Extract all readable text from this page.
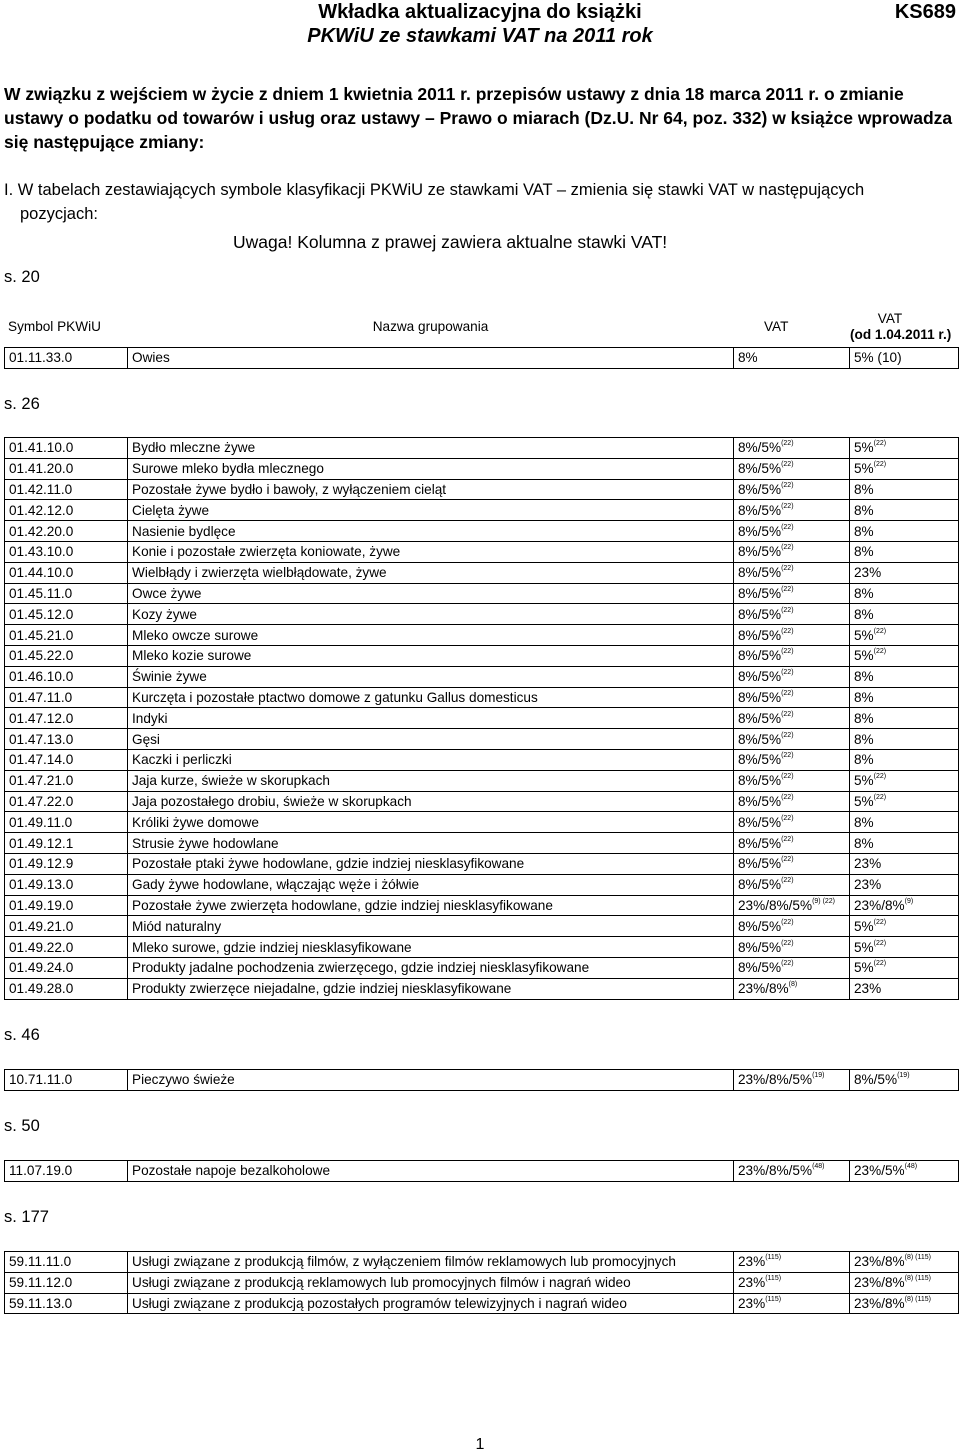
Wkładka aktualizacyjna do książki
PKWiU ze stawkami VAT na 2011 rok
KS689
W związku z wejściem w życie z dniem 1 kwietnia 2011 r. przepisów ustawy z dnia 18 marca 2011 r. o zmianie ustawy o podatku od towarów i usług oraz ustawy – Prawo o miarach (Dz.U. Nr 64, poz. 332) w książce wprowadza się następujące zmiany:
I. W tabelach zestawiających symbole klasyfikacji PKWiU ze stawkami VAT – zmienia się stawki VAT w następujących
pozycjach:
Uwaga! Kolumna z prawej zawiera aktualne stawki VAT!
s. 20
Symbol PKWiU	Nazwa grupowania	VAT	
VAT
(od 1.04.2011 r.)
01.11.33.0	Owies	8%	5% (10)
s. 26
01.41.10.0	Bydło mleczne żywe	8%/5%$^{(22)}$	5%$^{(22)}$
01.41.20.0	Surowe mleko bydła mlecznego	8%/5%$^{(22)}$	5%$^{(22)}$
01.42.11.0	Pozostałe żywe bydło i bawoły, z wyłączeniem cieląt	8%/5%$^{(22)}$	8%
01.42.12.0	Cielęta żywe	8%/5%$^{(22)}$	8%
01.42.20.0	Nasienie bydlęce	8%/5%$^{(22)}$	8%
01.43.10.0	Konie i pozostałe zwierzęta koniowate, żywe	8%/5%$^{(22)}$	8%
01.44.10.0	Wielbłądy i zwierzęta wielbłądowate, żywe	8%/5%$^{(22)}$	23%
01.45.11.0	Owce żywe	8%/5%$^{(22)}$	8%
01.45.12.0	Kozy żywe	8%/5%$^{(22)}$	8%
01.45.21.0	Mleko owcze surowe	8%/5%$^{(22)}$	5%$^{(22)}$
01.45.22.0	Mleko kozie surowe	8%/5%$^{(22)}$	5%$^{(22)}$
01.46.10.0	Świnie żywe	8%/5%$^{(22)}$	8%
01.47.11.0	Kurczęta i pozostałe ptactwo domowe z gatunku Gallus domesticus	8%/5%$^{(22)}$	8%
01.47.12.0	Indyki	8%/5%$^{(22)}$	8%
01.47.13.0	Gęsi	8%/5%$^{(22)}$	8%
01.47.14.0	Kaczki i perliczki	8%/5%$^{(22)}$	8%
01.47.21.0	Jaja kurze, świeże w skorupkach	8%/5%$^{(22)}$	5%$^{(22)}$
01.47.22.0	Jaja pozostałego drobiu, świeże w skorupkach	8%/5%$^{(22)}$	5%$^{(22)}$
01.49.11.0	Króliki żywe domowe	8%/5%$^{(22)}$	8%
01.49.12.1	Strusie żywe hodowlane	8%/5%$^{(22)}$	8%
01.49.12.9	Pozostałe ptaki żywe hodowlane, gdzie indziej niesklasyfikowane	8%/5%$^{(22)}$	23%
01.49.13.0	Gady żywe hodowlane, włączając węże i żółwie	8%/5%$^{(22)}$	23%
01.49.19.0	Pozostałe żywe zwierzęta hodowlane, gdzie indziej niesklasyfikowane	23%/8%/5%$^{(9) (22)}$	23%/8%$^{(9)}$
01.49.21.0	Miód naturalny	8%/5%$^{(22)}$	5%$^{(22)}$
01.49.22.0	Mleko surowe, gdzie indziej niesklasyfikowane	8%/5%$^{(22)}$	5%$^{(22)}$
01.49.24.0	Produkty jadalne pochodzenia zwierzęcego, gdzie indziej niesklasyfikowane	8%/5%$^{(22)}$	5%$^{(22)}$
01.49.28.0	Produkty zwierzęce niejadalne, gdzie indziej niesklasyfikowane	23%/8%$^{(8)}$	23%
s. 46
10.71.11.0	Pieczywo świeże	23%/8%/5%$^{(19)}$	8%/5%$^{(19)}$
s. 50
11.07.19.0	Pozostałe napoje bezalkoholowe	23%/8%/5%$^{(48)}$	23%/5%$^{(48)}$
s. 177
59.11.11.0	Usługi związane z produkcją filmów, z wyłączeniem filmów reklamowych lub promocyjnych	23%$^{(115)}$	23%/8%$^{(8) (115)}$
59.11.12.0	Usługi związane z produkcją reklamowych lub promocyjnych filmów i nagrań wideo	23%$^{(115)}$	23%/8%$^{(8) (115)}$
59.11.13.0	Usługi związane z produkcją pozostałych programów telewizyjnych i nagrań wideo	23%$^{(115)}$	23%/8%$^{(8) (115)}$
1
